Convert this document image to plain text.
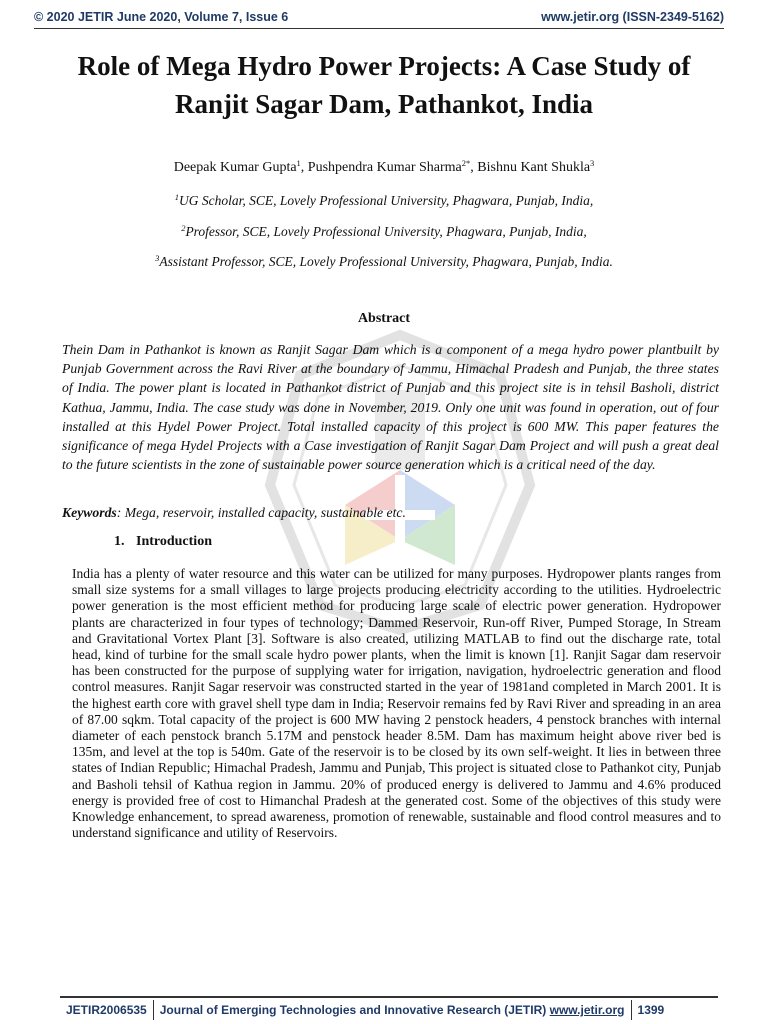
© 2020 JETIR June 2020, Volume 7, Issue 6	www.jetir.org (ISSN-2349-5162)
Role of Mega Hydro Power Projects: A Case Study of Ranjit Sagar Dam, Pathankot, India
Deepak Kumar Gupta$^1$, Pushpendra Kumar Sharma$^{2*}$, Bishnu Kant Shukla$^3$
$^1$UG Scholar, SCE, Lovely Professional University, Phagwara, Punjab, India,
$^2$Professor, SCE, Lovely Professional University, Phagwara, Punjab, India,
$^3$Assistant Professor, SCE, Lovely Professional University, Phagwara, Punjab, India.
Abstract

Thein Dam in Pathankot is known as Ranjit Sagar Dam which is a component of a mega hydro power plantbuilt by Punjab Government across the Ravi River at the boundary of Jammu, Himachal Pradesh and Punjab, the three states of India. The power plant is located in Pathankot district of Punjab and this project site is in tehsil Basholi, district Kathua, Jammu, India. The case study was done in November, 2019. Only one unit was found in operation, out of four installed at this Hydel Power Project. Total installed capacity of this project is 600 MW. This paper features the significance of mega Hydel Projects with a Case investigation of Ranjit Sagar Dam Project and will push a great deal to the future scientists in the zone of sustainable power source generation which is a critical need of the day.

Keywords: Mega, reservoir, installed capacity, sustainable etc.
1. Introduction

India has a plenty of water resource and this water can be utilized for many purposes. Hydropower plants ranges from small size systems for a small villages to large projects producing electricity according to the utilities. Hydroelectric power generation is the most efficient method for producing large scale of electric power generation. Hydropower plants are characterized in four types of technology; Dammed Reservoir, Run-off River, Pumped Storage, In Stream and Gravitational Vortex Plant [3]. Software is also created, utilizing MATLAB to find out the discharge rate, total head, kind of turbine for the small scale hydro power plants, when the limit is known [1]. Ranjit Sagar dam reservoir has been constructed for the purpose of supplying water for irrigation, navigation, hydroelectric generation and flood control measures. Ranjit Sagar reservoir was constructed started in the year of 1981and completed in March 2001. It is the highest earth core with gravel shell type dam in India; Reservoir remains fed by Ravi River and spreading in an area of 87.00 sqkm. Total capacity of the project is 600 MW having 2 penstock headers, 4 penstock branches with internal diameter of each penstock branch 5.17M and penstock header 8.5M. Dam has maximum height above river bed is 135m, and level at the top is 540m. Gate of the reservoir is to be closed by its own self-weight. It lies in between three states of Indian Republic; Himachal Pradesh, Jammu and Punjab, This project is situated close to Pathankot city, Punjab and Basholi tehsil of Kathua region in Jammu. 20% of produced energy is delivered to Jammu and 4.6% produced energy is provided free of cost to Himanchal Pradesh at the generated cost. Some of the objectives of this study were Knowledge enhancement, to spread awareness, promotion of renewable, sustainable and flood control measures and to understand significance and utility of Reservoirs.

JETIR2006535	Journal of Emerging Technologies and Innovative Research (JETIR) www.jetir.org	1399
